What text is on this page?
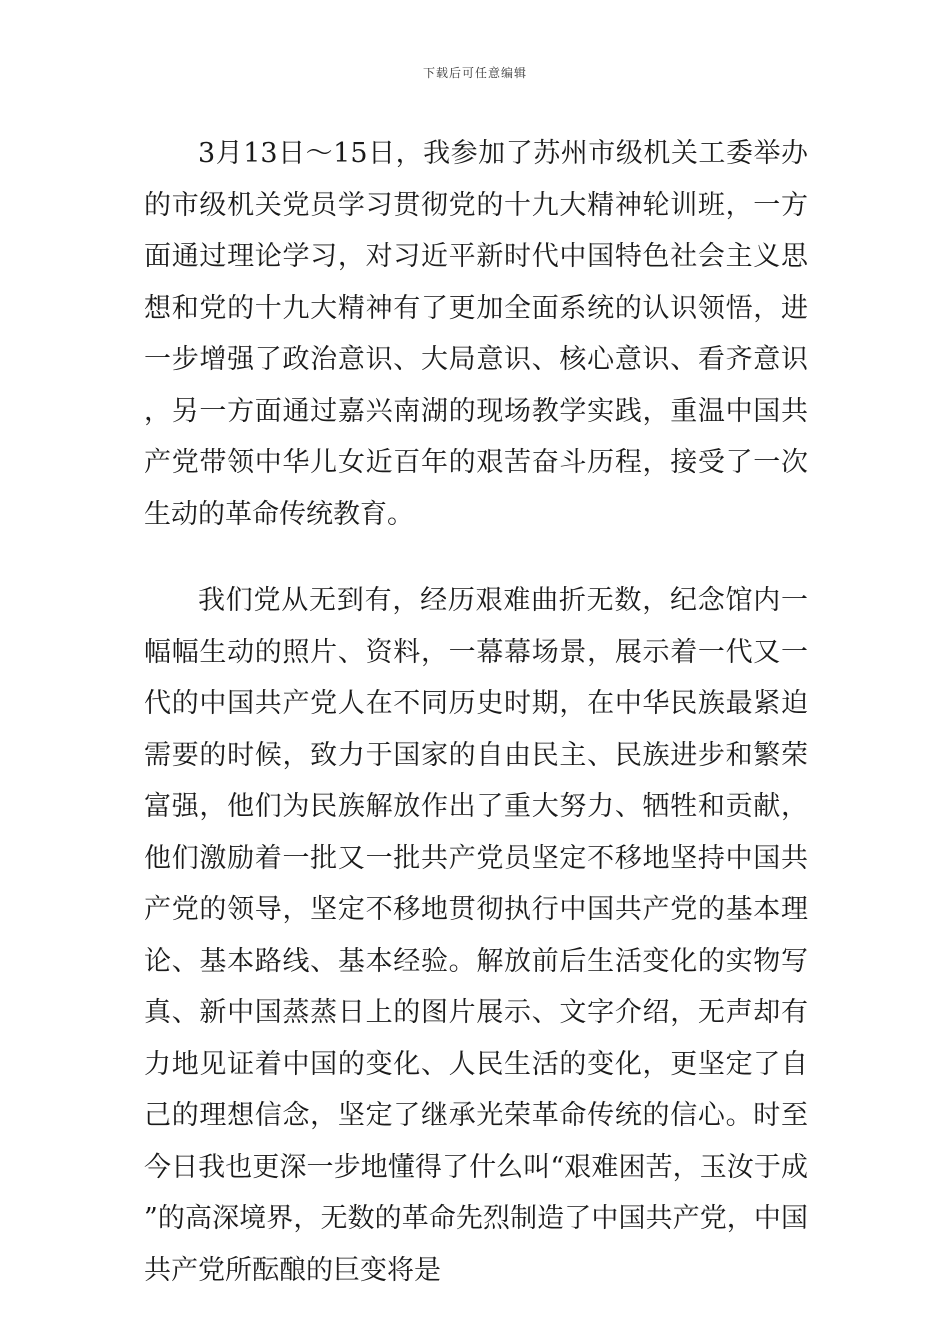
下载后可任意编辑

3月13日～15日，我参加了苏州市级机关工委举办的市级机关党员学习贯彻党的十九大精神轮训班，一方面通过理论学习，对习近平新时代中国特色社会主义思想和党的十九大精神有了更加全面系统的认识领悟，进一步增强了政治意识、大局意识、核心意识、看齐意识，另一方面通过嘉兴南湖的现场教学实践，重温中国共产党带领中华儿女近百年的艰苦奋斗历程，接受了一次生动的革命传统教育。

我们党从无到有，经历艰难曲折无数，纪念馆内一幅幅生动的照片、资料，一幕幕场景，展示着一代又一代的中国共产党人在不同历史时期，在中华民族最紧迫需要的时候，致力于国家的自由民主、民族进步和繁荣富强，他们为民族解放作出了重大努力、牺牲和贡献，他们激励着一批又一批共产党员坚定不移地坚持中国共产党的领导，坚定不移地贯彻执行中国共产党的基本理论、基本路线、基本经验。解放前后生活变化的实物写真、新中国蒸蒸日上的图片展示、文字介绍，无声却有力地见证着中国的变化、人民生活的变化，更坚定了自己的理想信念，坚定了继承光荣革命传统的信心。时至今日我也更深一步地懂得了什么叫“艰难困苦，玉汝于成”的高深境界，无数的革命先烈制造了中国共产党，中国共产党所酝酿的巨变将是
